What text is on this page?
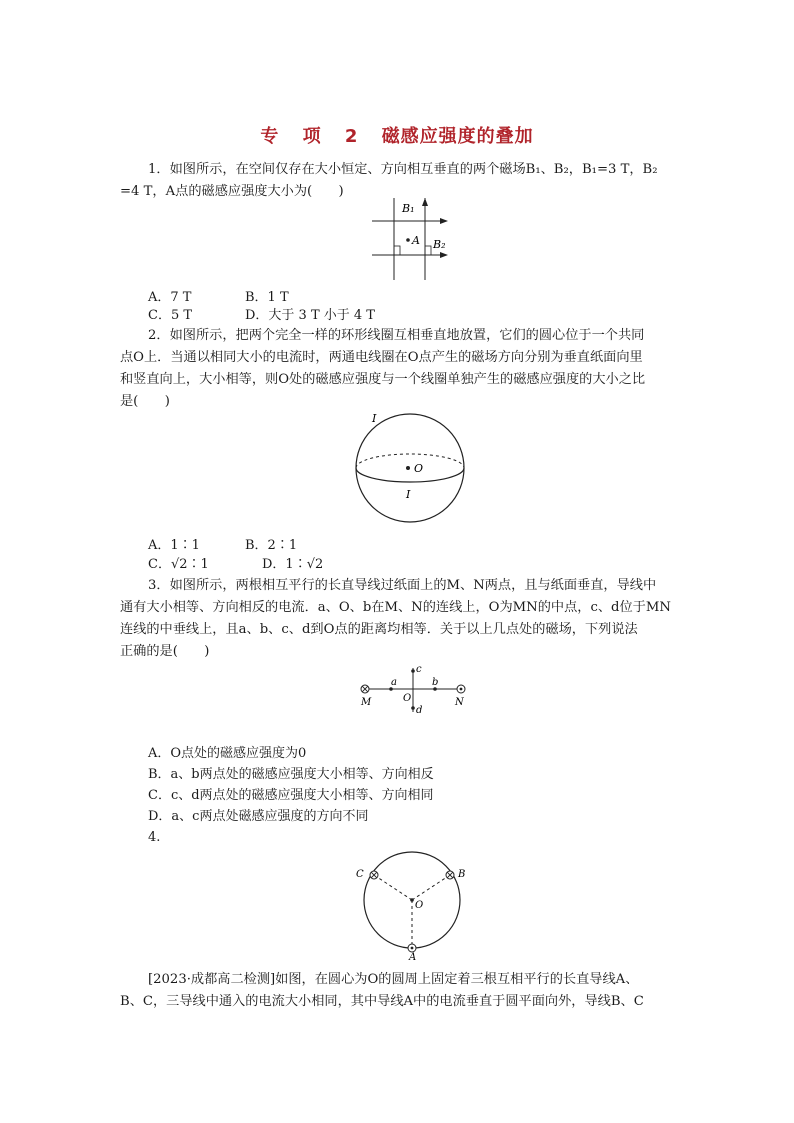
专 项 2 磁感应强度的叠加
1．如图所示，在空间仅存在大小恒定、方向相互垂直的两个磁场B₁、B₂，B₁=3 T，B₂
=4 T，A点的磁感应强度大小为(　　)
B₁
A B₂
A．7 T	B．1 T
C．5 T	D．大于 3 T 小于 4 T
2．如图所示，把两个完全一样的环形线圈互相垂直地放置，它们的圆心位于一个共同
点O上．当通以相同大小的电流时，两通电线圈在O点产生的磁场方向分别为垂直纸面向里
和竖直向上，大小相等，则O处的磁感应强度与一个线圈单独产生的磁感应强度的大小之比
是(　　)
O
I
I
A．1∶1	B．2∶1
C．√2∶1	D．1∶√2
3．如图所示，两根相互平行的长直导线过纸面上的M、N两点，且与纸面垂直，导线中
通有大小相等、方向相反的电流．a、O、b在M、N的连线上，O为MN的中点，c、d位于MN
连线的中垂线上，且a、b、c、d到O点的距离均相等．关于以上几点处的磁场，下列说法
正确的是(　　)
a	b
c
d
O
M	N
A．O点处的磁感应强度为0
B．a、b两点处的磁感应强度大小相等、方向相反
C．c、d两点处的磁感应强度大小相等、方向相同
D．a、c两点处磁感应强度的方向不同
4.
O
A
B
C
[2023·成都高二检测]如图，在圆心为O的圆周上固定着三根互相平行的长直导线A、
B、C，三导线中通入的电流大小相同，其中导线A中的电流垂直于圆平面向外，导线B、C
